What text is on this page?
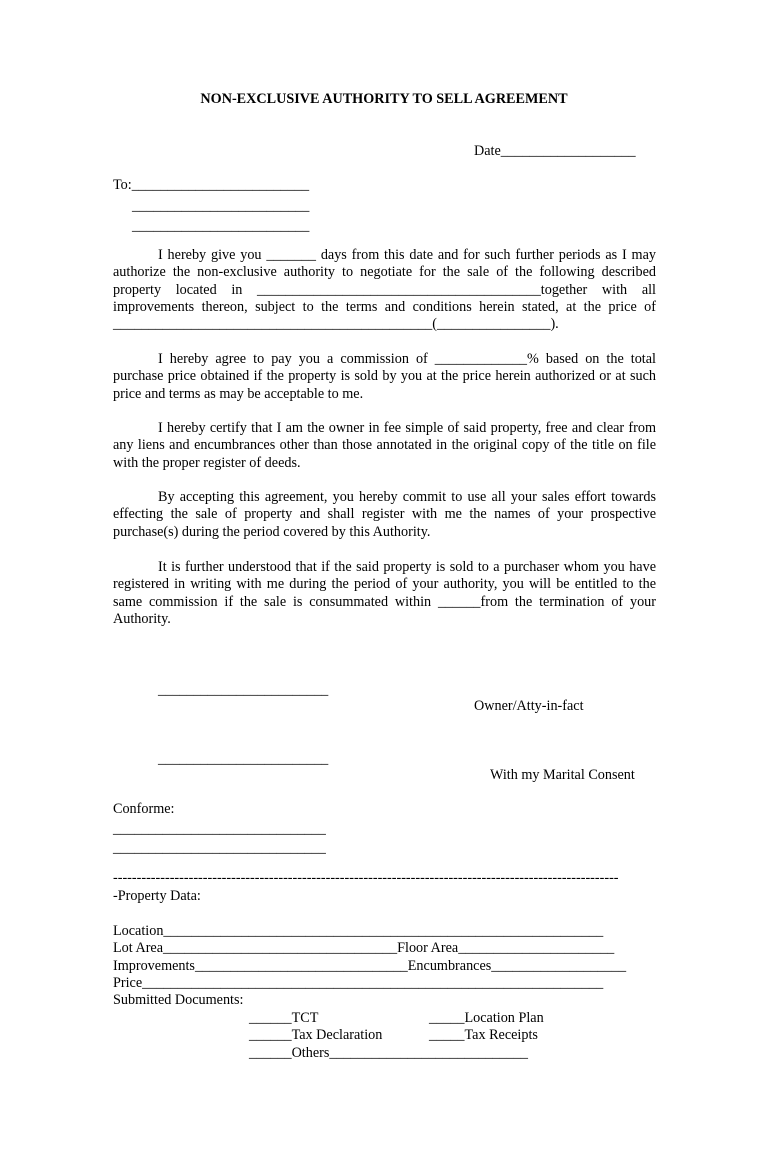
NON-EXCLUSIVE AUTHORITY TO SELL AGREEMENT
Date___________________
To:_________________________
_________________________
_________________________
I hereby give you _______ days from this date and for such further periods as I may authorize the non-exclusive authority to negotiate for the sale of the following described property located in ________________________________________together with all improvements thereon, subject to the terms and conditions herein stated, at the price of _____________________________________________(________________).
I hereby agree to pay you a commission of _____________% based on the total purchase price obtained if the property is sold by you at the price herein authorized or at such price and terms as may be acceptable to me.
I hereby certify that I am the owner in fee simple of said property, free and clear from any liens and encumbrances other than those annotated in the original copy of the title on file with the proper register of deeds.
By accepting this agreement, you hereby commit to use all your sales effort towards effecting the sale of property and shall register with me the names of your prospective purchase(s) during the period covered by this Authority.
It is further understood that if the said property is sold to a purchaser whom you have registered in writing with me during the period of your authority, you will be entitled to the same commission if the sale is consummated within ______from the termination of your Authority.
________________________
Owner/Atty-in-fact
________________________
With my Marital Consent
Conforme:
______________________________
______________________________
-----------------------------------------------------------------------------------------------------------
-Property Data:
Location______________________________________________________________
Lot Area_________________________________Floor Area______________________
Improvements______________________________Encumbrances___________________
Price_________________________________________________________________
Submitted Documents:
______TCT	_____Location Plan
______Tax Declaration	_____Tax Receipts
______Others____________________________
